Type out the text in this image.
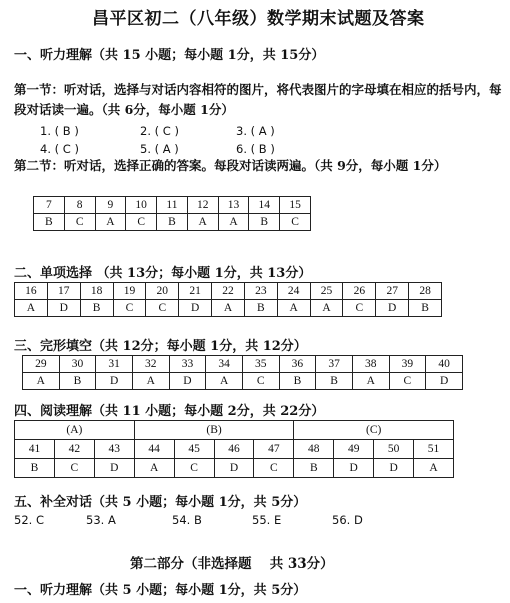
昌平区初二（八年级）数学期末试题及答案
一、听力理解（共 15 小题；每小题 1分，共 15分）
第一节：听对话，选择与对话内容相符的图片，将代表图片的字母填在相应的括号内，每段对话读一遍。（共 6分，每小题 1分）
1. ( B )	2. ( C )	3. ( A )
4. ( C )	5. ( A )	6. ( B )
第二节：听对话，选择正确的答案。每段对话读两遍。（共 9分，每小题 1分）
7	8	9	10	11	12	13	14	15
B	C	A	C	B	A	A	B	C
二、单项选择 （共 13分；每小题 1分，共 13分）
16	17	18	19	20	21	22	23	24	25	26	27	28
A	D	B	C	C	D	A	B	A	A	C	D	B
三、完形填空（共 12分；每小题 1分，共 12分）
29	30	31	32	33	34	35	36	37	38	39	40
A	B	D	A	D	A	C	B	B	A	C	D
四、阅读理解（共 11 小题；每小题 2分，共 22分）
(A)			(B)				(C)			
41	42	43	44	45	46	47	48	49	50	51
B	C	D	A	C	D	C	B	D	D	A
五、补全对话（共 5 小题；每小题 1分，共 5分）
52. C	53. A	54. B	55. E	56. D
第二部分（非选择题　 共 33分）
一、听力理解（共 5 小题；每小题 1分，共 5分）
